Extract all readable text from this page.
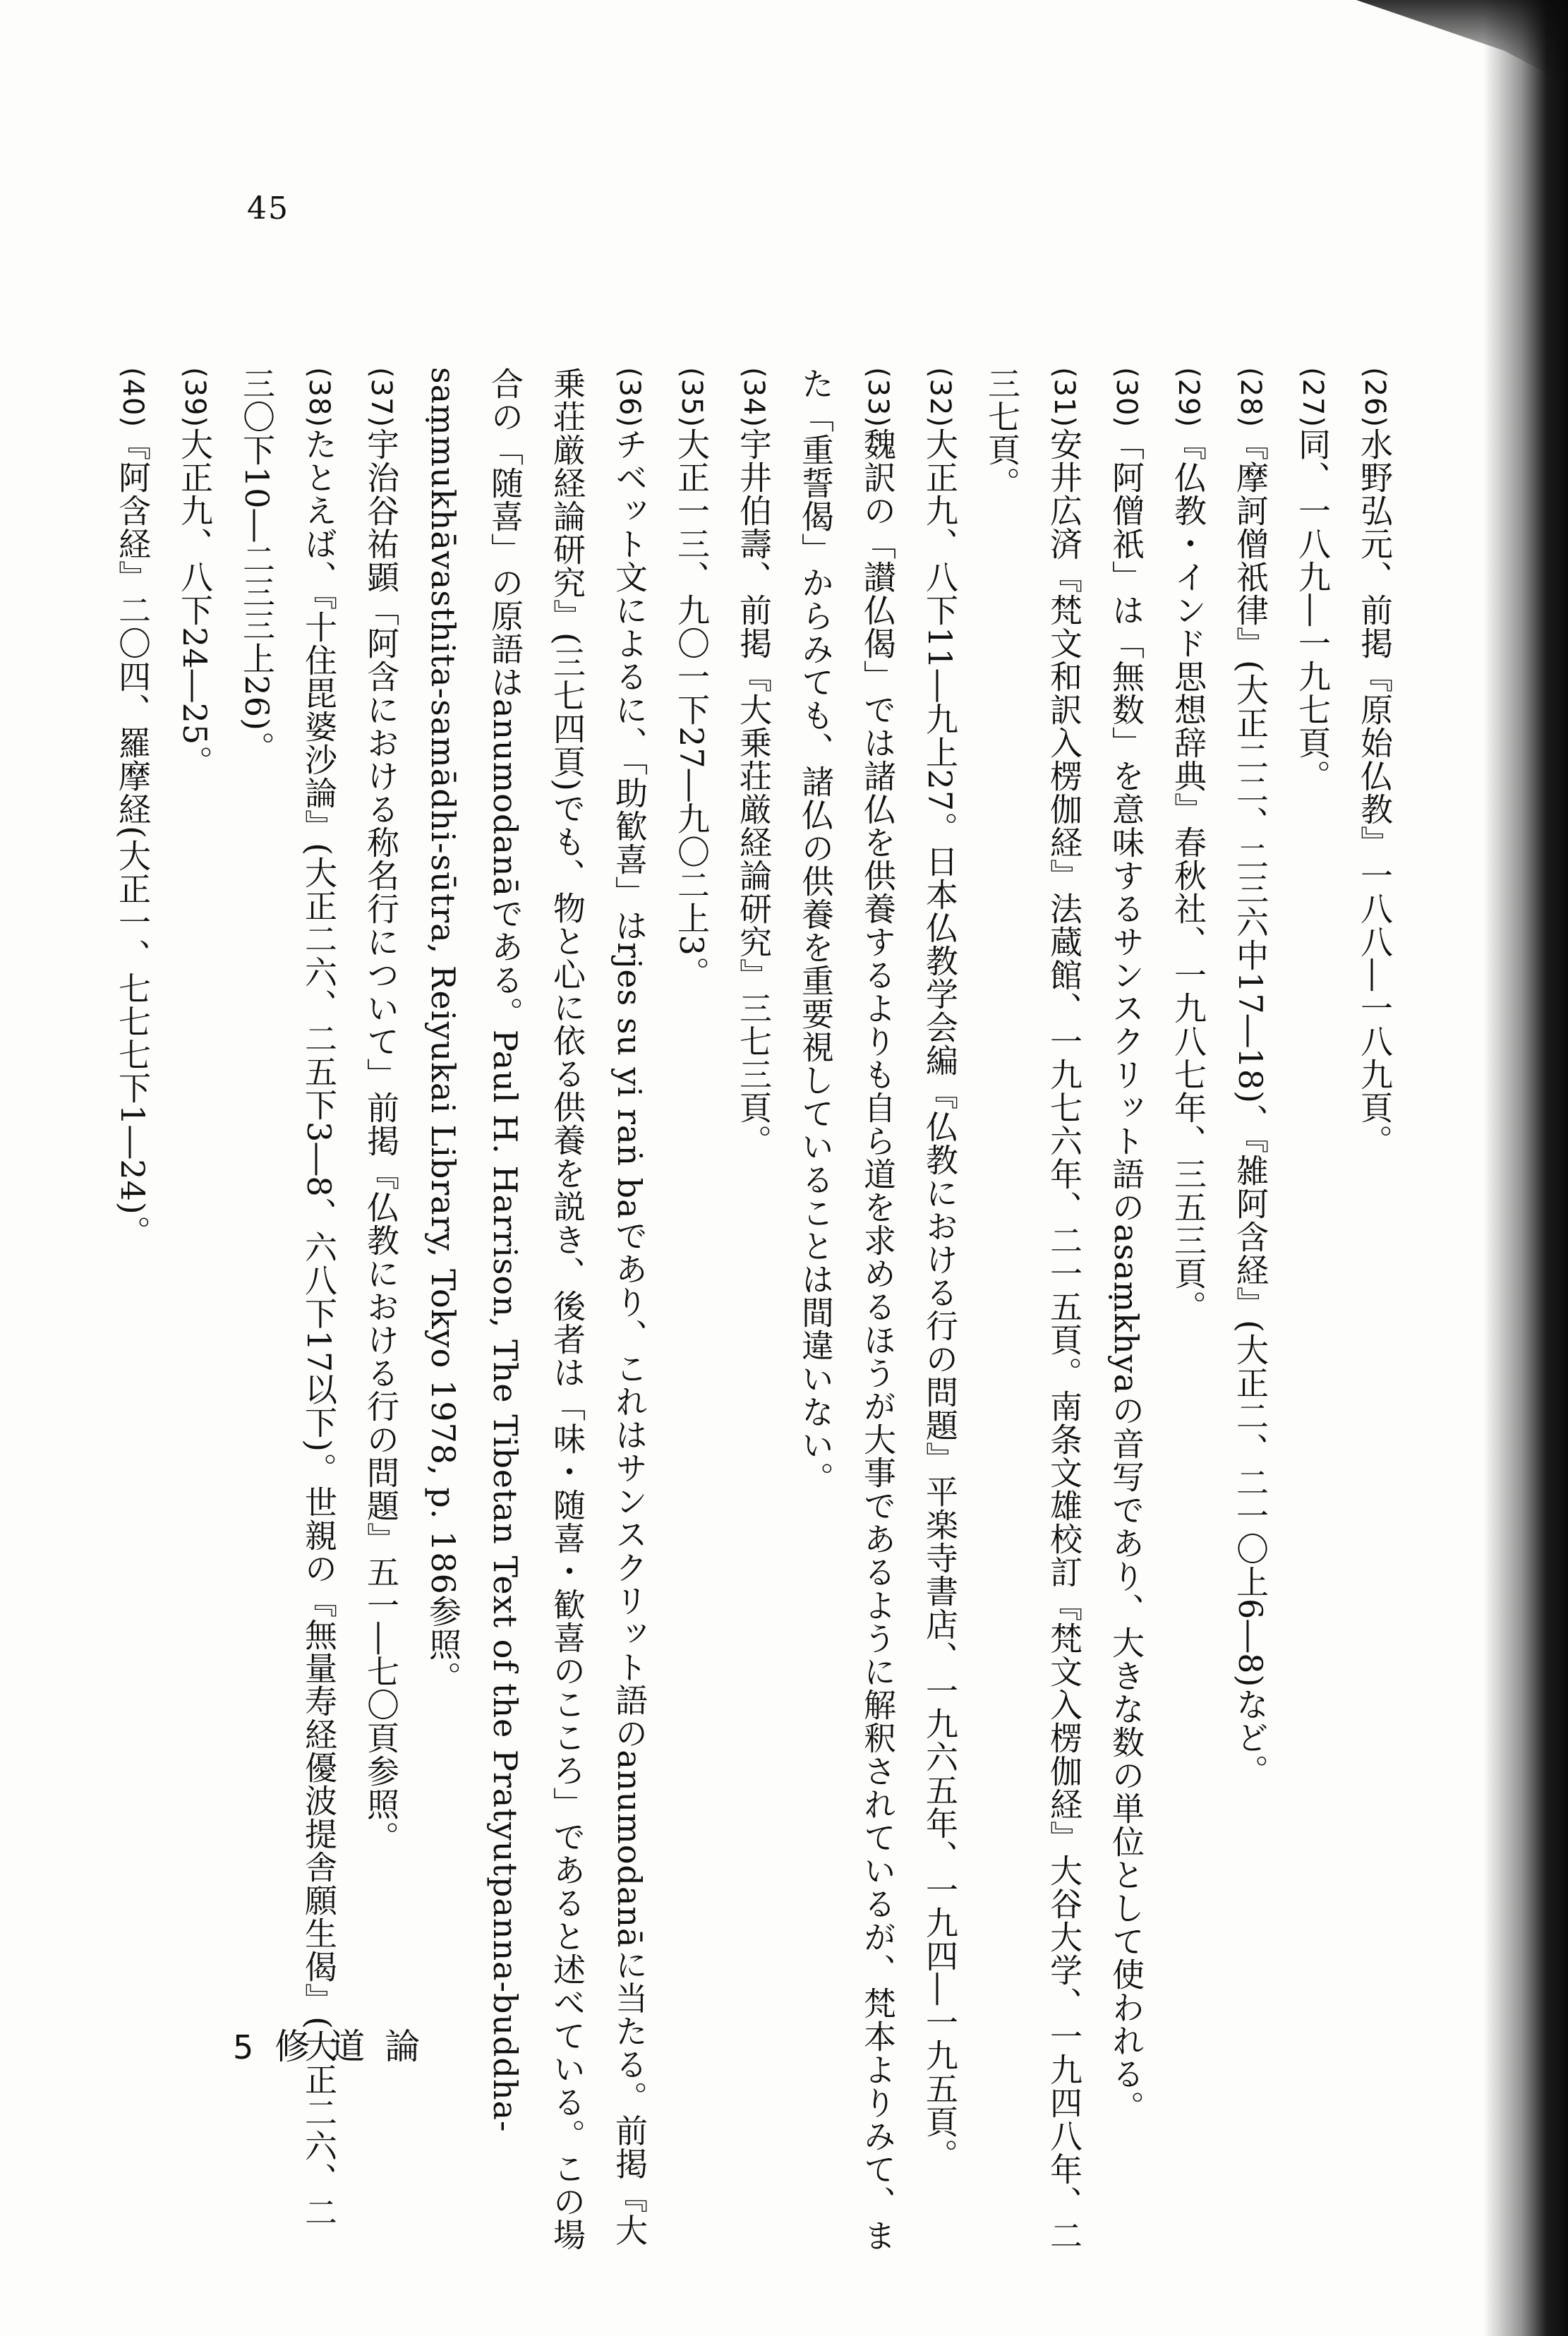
45

(26)水野弘元、前掲『原始仏教』一八八―一八九頁。

(27)同、一八九―一九七頁。

(28)『摩訶僧祇律』(大正二二、二三六中17―18)、『雑阿含経』(大正二、二一〇上6―8)など。

(29)『仏教・インド思想辞典』春秋社、一九八七年、三五三頁。

(30)「阿僧祇」は「無数」を意味するサンスクリット語のasaṃkhyaの音写であり、大きな数の単位として使われる。

(31)安井広済『梵文和訳入楞伽経』法蔵館、一九七六年、二一五頁。南条文雄校訂『梵文入楞伽経』大谷大学、一九四八年、二三七頁。

(32)大正九、八下11―九上27。日本仏教学会編『仏教における行の問題』平楽寺書店、一九六五年、一九四―一九五頁。

(33)魏訳の「讃仏偈」では諸仏を供養するよりも自ら道を求めるほうが大事であるように解釈されているが、梵本よりみて、また「重誓偈」からみても、諸仏の供養を重要視していることは間違いない。

(34)宇井伯壽、前掲『大乗荘厳経論研究』三七三頁。

(35)大正一三、九〇一下27―九〇二上3。

(36)チベット文によるに、「助歓喜」はrjes su yi raṅ baであり、これはサンスクリット語のanumodanāに当たる。前掲『大乗荘厳経論研究』(三七四頁)でも、物と心に依る供養を説き、後者は「味・随喜・歓喜のこころ」であると述べている。この場合の「随喜」の原語はanumodanāである。Paul H. Harrison, The Tibetan Text of the Pratyutpanna-buddha-saṃmukhāvasthita-samādhi-sūtra, Reiyukai Library, Tokyo 1978, p. 186参照。

(37)宇治谷祐顕「阿含における称名行について」前掲『仏教における行の問題』五一―七〇頁参照。

(38)たとえば、『十住毘婆沙論』(大正二六、二五下3―8、六八下17以下)。世親の『無量寿経優波提舎願生偈』(大正二六、二三〇下10―二三三上26)。

(39)大正九、八下24―25。

(40)『阿含経』二〇四、羅摩経(大正一、七七七下1―24)。

5 修道論
